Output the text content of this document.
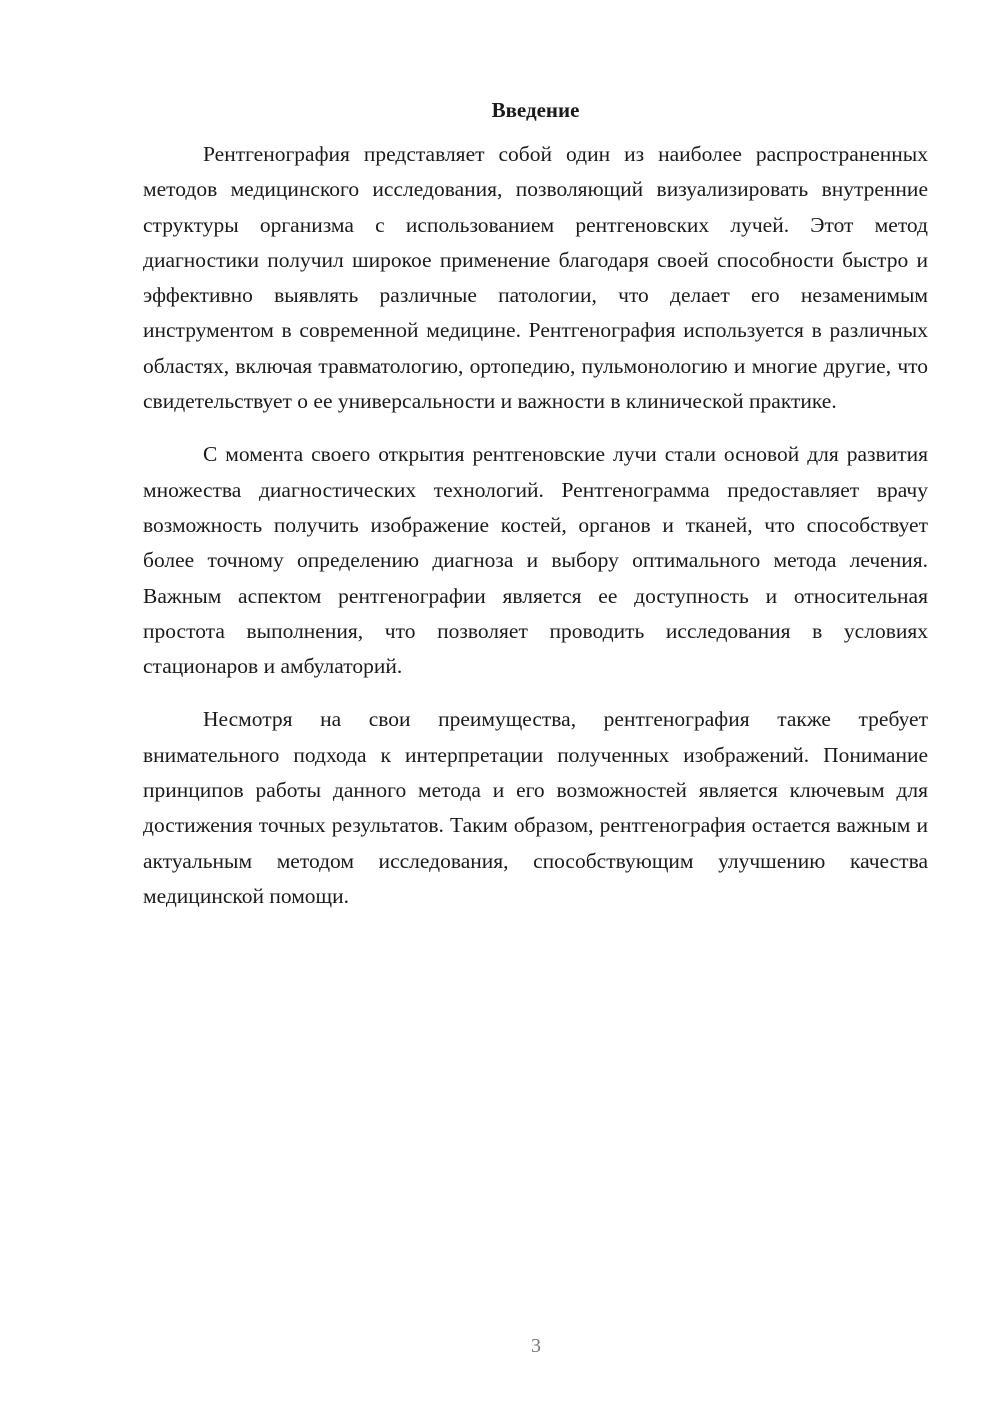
Введение

Рентгенография представляет собой один из наиболее распространенных методов медицинского исследования, позволяющий визуализировать внутренние структуры организма с использованием рентгеновских лучей. Этот метод диагностики получил широкое применение благодаря своей способности быстро и эффективно выявлять различные патологии, что делает его незаменимым инструментом в современной медицине. Рентгенография используется в различных областях, включая травматологию, ортопедию, пульмонологию и многие другие, что свидетельствует о ее универсальности и важности в клинической практике.

С момента своего открытия рентгеновские лучи стали основой для развития множества диагностических технологий. Рентгенограмма предоставляет врачу возможность получить изображение костей, органов и тканей, что способствует более точному определению диагноза и выбору оптимального метода лечения. Важным аспектом рентгенографии является ее доступность и относительная простота выполнения, что позволяет проводить исследования в условиях стационаров и амбулаторий.

Несмотря на свои преимущества, рентгенография также требует внимательного подхода к интерпретации полученных изображений. Понимание принципов работы данного метода и его возможностей является ключевым для достижения точных результатов. Таким образом, рентгенография остается важным и актуальным методом исследования, способствующим улучшению качества медицинской помощи.

3
